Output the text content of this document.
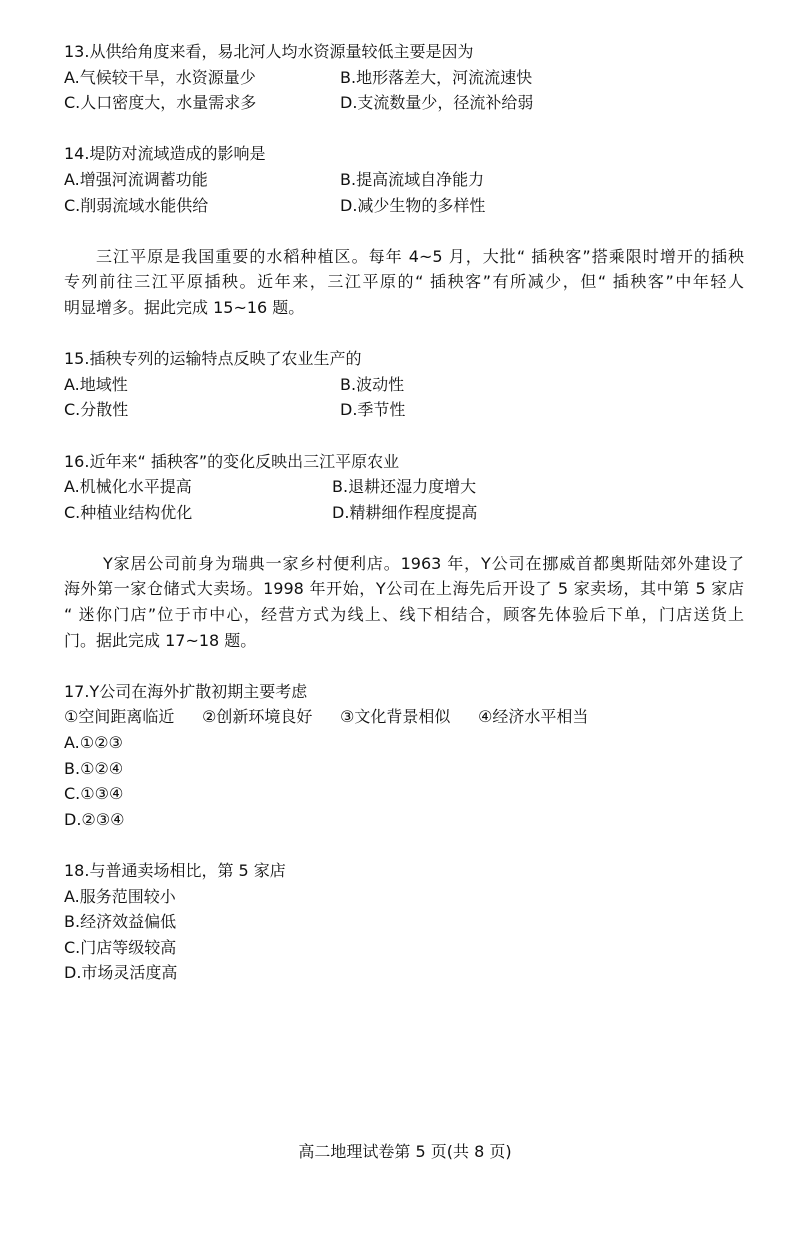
13.从供给角度来看，易北河人均水资源量较低主要是因为
A.气候较干旱，水资源量少	B.地形落差大，河流流速快
C.人口密度大，水量需求多	D.支流数量少，径流补给弱
14.堤防对流域造成的影响是
A.增强河流调蓄功能	B.提高流域自净能力
C.削弱流域水能供给	D.减少生物的多样性
三江平原是我国重要的水稻种植区。每年 4~5 月，大批“ 插秧客”搭乘限时增开的插秧
专列前往三江平原插秧。近年来，三江平原的“ 插秧客”有所减少，但“ 插秧客”中年轻人
明显增多。据此完成 15~16 题。
15.插秧专列的运输特点反映了农业生产的
A.地域性	B.波动性
C.分散性	D.季节性
16.近年来“ 插秧客”的变化反映出三江平原农业
A.机械化水平提高	B.退耕还湿力度增大
C.种植业结构优化	D.精耕细作程度提高
Y家居公司前身为瑞典一家乡村便利店。1963 年，Y公司在挪威首都奥斯陆郊外建设了
海外第一家仓储式大卖场。1998 年开始，Y公司在上海先后开设了 5 家卖场，其中第 5 家店
“ 迷你门店”位于市中心，经营方式为线上、线下相结合，顾客先体验后下单，门店送货上
门。据此完成 17~18 题。
17.Y公司在海外扩散初期主要考虑
①空间距离临近 ②创新环境良好 ③文化背景相似 ④经济水平相当
A.①②③
B.①②④
C.①③④
D.②③④
18.与普通卖场相比，第 5 家店
A.服务范围较小
B.经济效益偏低
C.门店等级较高
D.市场灵活度高
高二地理试卷第 5 页(共 8 页)
